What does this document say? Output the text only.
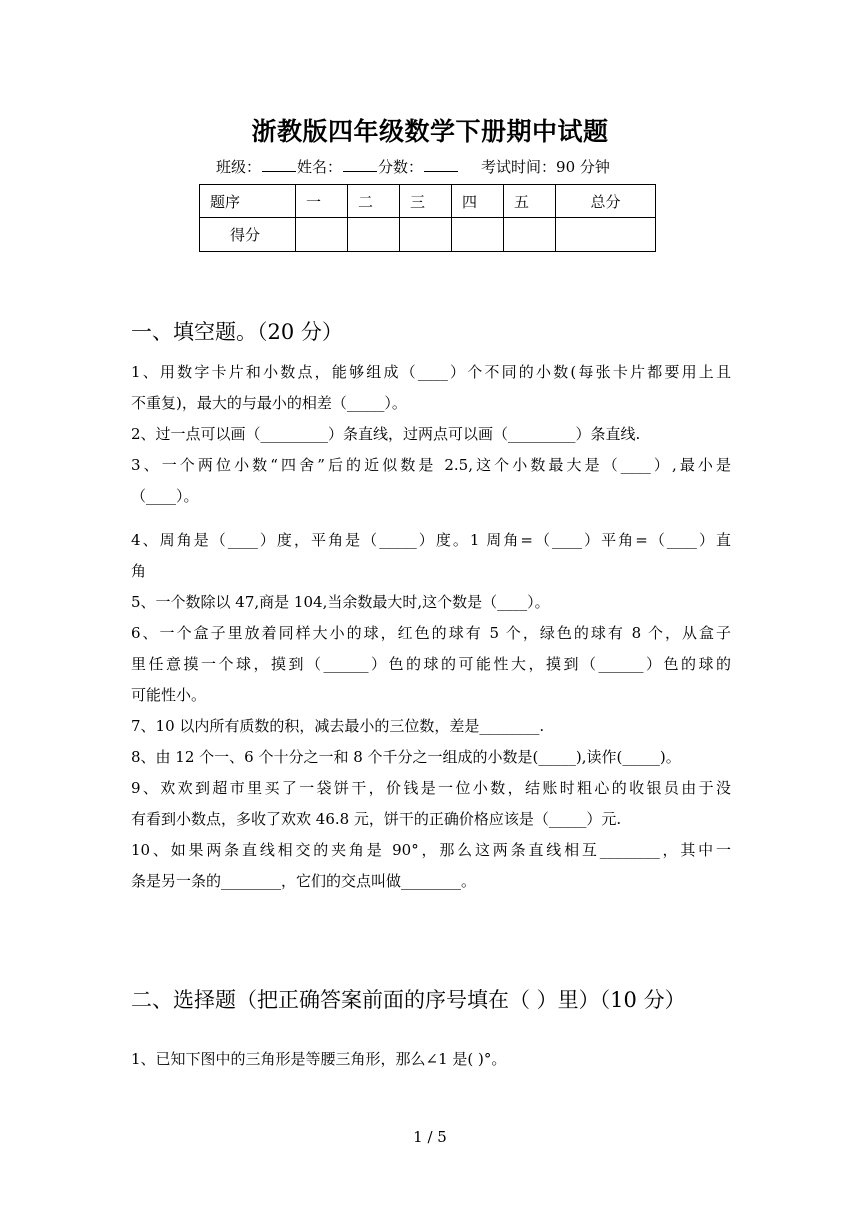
浙教版四年级数学下册期中试题
班级： 姓名： 分数：	考试时间：90 分钟
题序	一	二	三	四	五	总分
得分						
一、填空题。（20 分）

1、用数字卡片和小数点，能够组成（____）个不同的小数(每张卡片都要用上且

不重复)，最大的与最小的相差（_____）。

2、过一点可以画（_________）条直线，过两点可以画（_________）条直线.

3、一个两位小数“四舍”后的近似数是 2.5,这个小数最大是（____）,最小是

（____）。

4、周角是（____）度，平角是（_____）度。1 周角=（____）平角=（____）直

角

5、一个数除以 47,商是 104,当余数最大时,这个数是（____）。

6、一个盒子里放着同样大小的球，红色的球有 5 个，绿色的球有 8 个，从盒子

里任意摸一个球，摸到（______）色的球的可能性大，摸到（______）色的球的

可能性小。

7、10 以内所有质数的积，减去最小的三位数，差是________.

8、由 12 个一、6 个十分之一和 8 个千分之一组成的小数是(_____),读作(_____)。

9、欢欢到超市里买了一袋饼干，价钱是一位小数，结账时粗心的收银员由于没

有看到小数点，多收了欢欢 46.8 元，饼干的正确价格应该是（_____）元.

10、如果两条直线相交的夹角是 90°，那么这两条直线相互________，其中一

条是另一条的________，它们的交点叫做________。

二、选择题（把正确答案前面的序号填在（ ）里）（10 分）

1、已知下图中的三角形是等腰三角形，那么∠1 是( )°。

1 / 5
